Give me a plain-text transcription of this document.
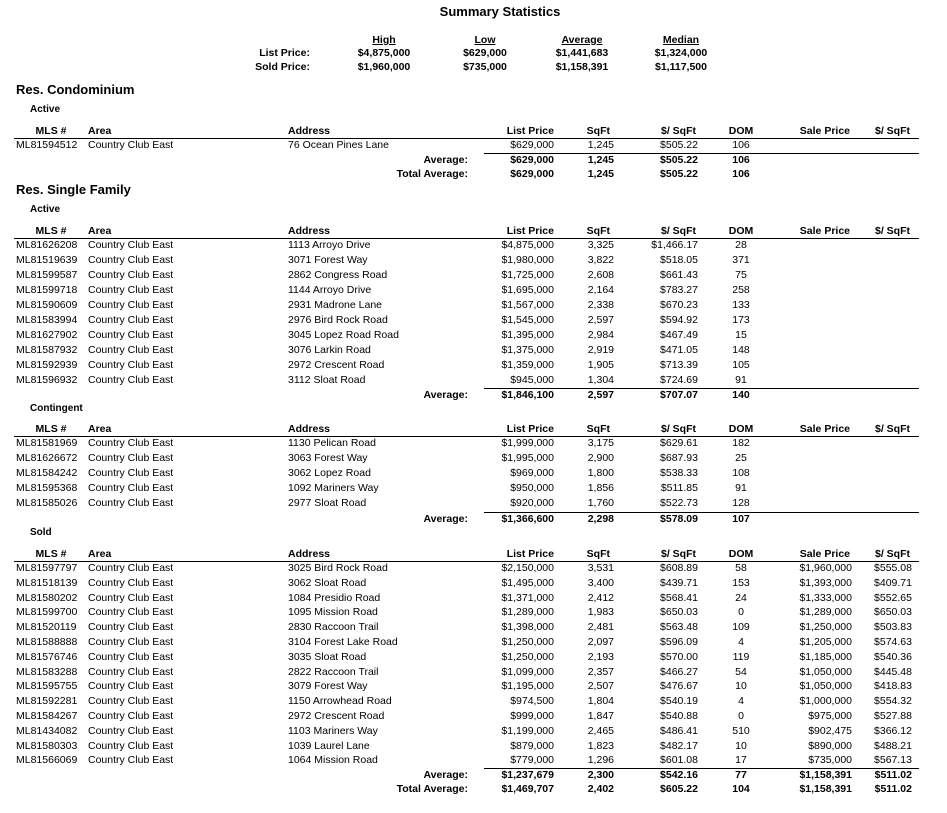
Summary Statistics
High	Low	Average	Median
List Price:	$4,875,000	$629,000	$1,441,683	$1,324,000
Sold Price:	$1,960,000	$735,000	$1,158,391	$1,117,500
Res. Condominium
Active
MLS #	Area	Address	List Price	SqFt	$/ SqFt	DOM	Sale Price	$/ SqFt
ML81594512	Country Club East	76 Ocean Pines Lane	$629,000	1,245	$505.22	106
Average:	$629,000	1,245	$505.22	106
Total Average:	$629,000	1,245	$505.22	106
Res. Single Family
Active
MLS #	Area	Address	List Price	SqFt	$/ SqFt	DOM	Sale Price	$/ SqFt
ML81626208	Country Club East	1113 Arroyo Drive	$4,875,000	3,325	$1,466.17	28
ML81519639	Country Club East	3071 Forest Way	$1,980,000	3,822	$518.05	371
ML81599587	Country Club East	2862 Congress Road	$1,725,000	2,608	$661.43	75
ML81599718	Country Club East	1144 Arroyo Drive	$1,695,000	2,164	$783.27	258
ML81590609	Country Club East	2931 Madrone Lane	$1,567,000	2,338	$670.23	133
ML81583994	Country Club East	2976 Bird Rock Road	$1,545,000	2,597	$594.92	173
ML81627902	Country Club East	3045 Lopez Road Road	$1,395,000	2,984	$467.49	15
ML81587932	Country Club East	3076 Larkin Road	$1,375,000	2,919	$471.05	148
ML81592939	Country Club East	2972 Crescent Road	$1,359,000	1,905	$713.39	105
ML81596932	Country Club East	3112 Sloat Road	$945,000	1,304	$724.69	91
Average:	$1,846,100	2,597	$707.07	140
Contingent
MLS #	Area	Address	List Price	SqFt	$/ SqFt	DOM	Sale Price	$/ SqFt
ML81581969	Country Club East	1130 Pelican Road	$1,999,000	3,175	$629.61	182
ML81626672	Country Club East	3063 Forest Way	$1,995,000	2,900	$687.93	25
ML81584242	Country Club East	3062 Lopez Road	$969,000	1,800	$538.33	108
ML81595368	Country Club East	1092 Mariners Way	$950,000	1,856	$511.85	91
ML81585026	Country Club East	2977 Sloat Road	$920,000	1,760	$522.73	128
Average:	$1,366,600	2,298	$578.09	107
Sold
MLS #	Area	Address	List Price	SqFt	$/ SqFt	DOM	Sale Price	$/ SqFt
ML81597797	Country Club East	3025 Bird Rock Road	$2,150,000	3,531	$608.89	58	$1,960,000	$555.08
ML81518139	Country Club East	3062 Sloat Road	$1,495,000	3,400	$439.71	153	$1,393,000	$409.71
ML81580202	Country Club East	1084 Presidio Road	$1,371,000	2,412	$568.41	24	$1,333,000	$552.65
ML81599700	Country Club East	1095 Mission Road	$1,289,000	1,983	$650.03	0	$1,289,000	$650.03
ML81520119	Country Club East	2830 Raccoon Trail	$1,398,000	2,481	$563.48	109	$1,250,000	$503.83
ML81588888	Country Club East	3104 Forest Lake Road	$1,250,000	2,097	$596.09	4	$1,205,000	$574.63
ML81576746	Country Club East	3035 Sloat Road	$1,250,000	2,193	$570.00	119	$1,185,000	$540.36
ML81583288	Country Club East	2822 Raccoon Trail	$1,099,000	2,357	$466.27	54	$1,050,000	$445.48
ML81595755	Country Club East	3079 Forest Way	$1,195,000	2,507	$476.67	10	$1,050,000	$418.83
ML81592281	Country Club East	1150 Arrowhead Road	$974,500	1,804	$540.19	4	$1,000,000	$554.32
ML81584267	Country Club East	2972 Crescent Road	$999,000	1,847	$540.88	0	$975,000	$527.88
ML81434082	Country Club East	1103 Mariners Way	$1,199,000	2,465	$486.41	510	$902,475	$366.12
ML81580303	Country Club East	1039 Laurel Lane	$879,000	1,823	$482.17	10	$890,000	$488.21
ML81566069	Country Club East	1064 Mission Road	$779,000	1,296	$601.08	17	$735,000	$567.13
Average:	$1,237,679	2,300	$542.16	77	$1,158,391	$511.02
Total Average:	$1,469,707	2,402	$605.22	104	$1,158,391	$511.02
